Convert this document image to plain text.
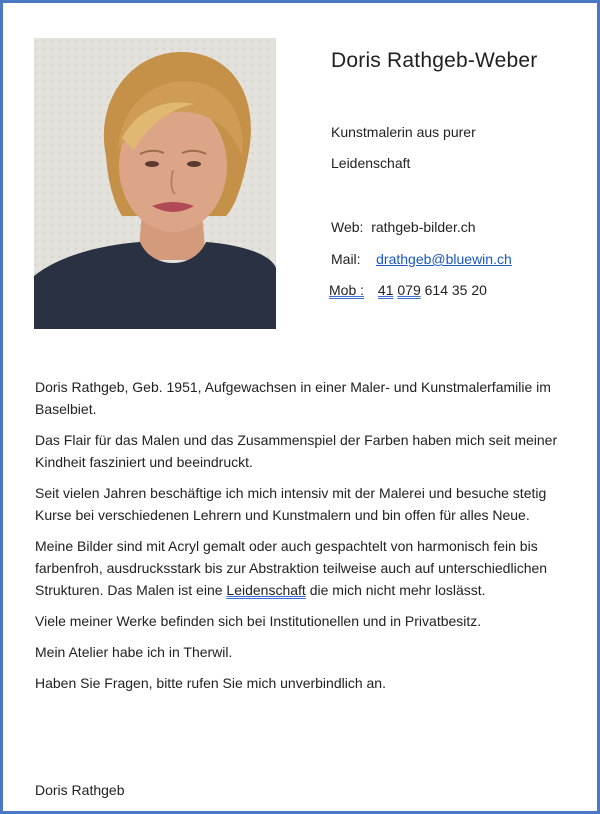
Doris Rathgeb-Weber
Kunstmalerin aus purer
Leidenschaft
Web: rathgeb-bilder.ch
Mail: drathgeb@bluewin.ch
Mob : 41 079 614 35 20

Doris Rathgeb, Geb. 1951, Aufgewachsen in einer Maler- und Kunstmalerfamilie im Baselbiet.

Das Flair für das Malen und das Zusammenspiel der Farben haben mich seit meiner Kindheit fasziniert und beeindruckt.

Seit vielen Jahren beschäftige ich mich intensiv mit der Malerei und besuche stetig Kurse bei verschiedenen Lehrern und Kunstmalern und bin offen für alles Neue.

Meine Bilder sind mit Acryl gemalt oder auch gespachtelt von harmonisch fein bis farbenfroh, ausdrucksstark bis zur Abstraktion teilweise auch auf unterschiedlichen Strukturen. Das Malen ist eine Leidenschaft die mich nicht mehr loslässt.

Viele meiner Werke befinden sich bei Institutionellen und in Privatbesitz.

Mein Atelier habe ich in Therwil.

Haben Sie Fragen, bitte rufen Sie mich unverbindlich an.

Doris Rathgeb
